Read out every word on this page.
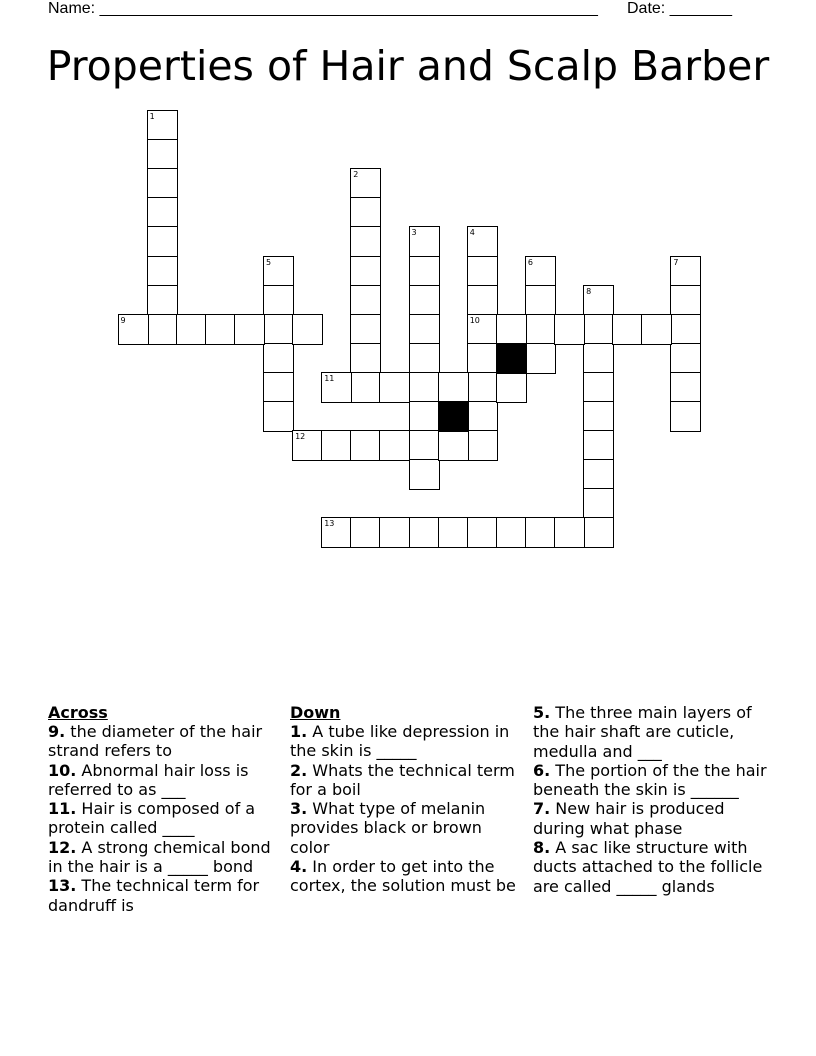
Name: ________________________________________________________ Date: _______
Properties of Hair and Scalp Barber
1
2
3	4
10
5	6	7
8
9
11
12
13
Across

9. the diameter of the hair strand refers to

10. Abnormal hair loss is referred to as ___

11. Hair is composed of a protein called ____

12. A strong chemical bond in the hair is a _____ bond

13. The technical term for dandruff is

Down

1. A tube like depression in the skin is _____

2. Whats the technical term for a boil

3. What type of melanin provides black or brown color

4. In order to get into the cortex, the solution must be

5. The three main layers of the hair shaft are cuticle, medulla and ___

6. The portion of the the hair beneath the skin is ______

7. New hair is produced during what phase

8. A sac like structure with ducts attached to the follicle are called _____ glands
